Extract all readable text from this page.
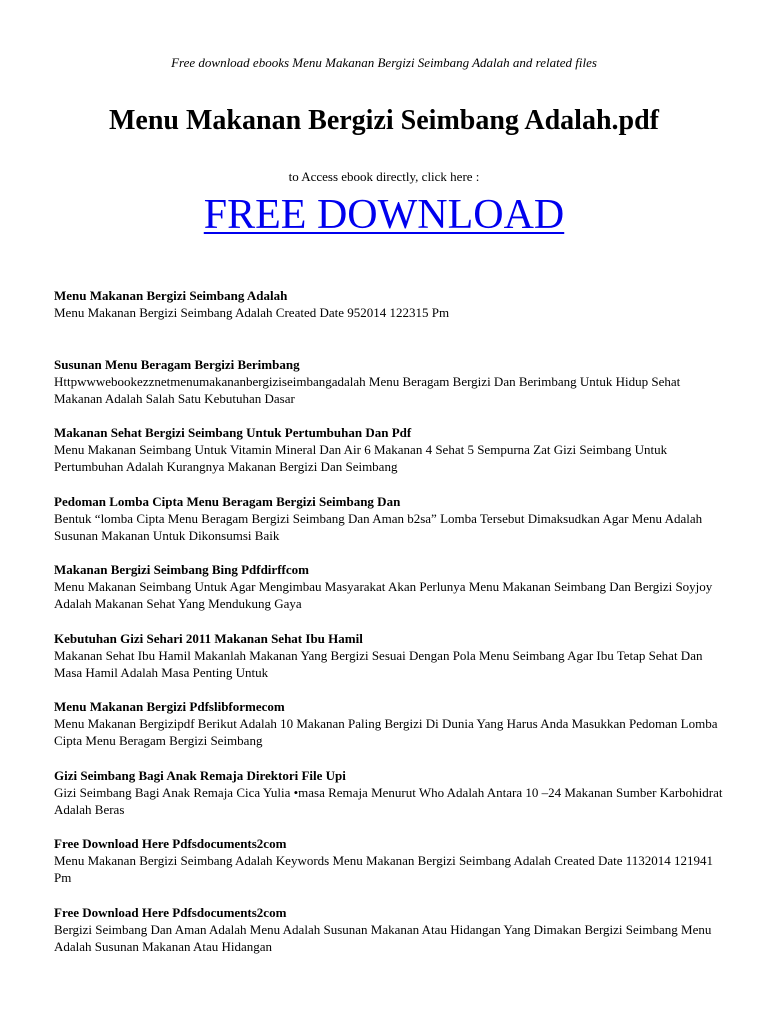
Free download ebooks Menu Makanan Bergizi Seimbang Adalah and related files
Menu Makanan Bergizi Seimbang Adalah.pdf
to Access ebook directly, click here :
FREE DOWNLOAD
Menu Makanan Bergizi Seimbang Adalah
Menu Makanan Bergizi Seimbang Adalah Created Date 952014 122315 Pm
Susunan Menu Beragam Bergizi Berimbang
Httpwwwebookezznetmenumakananbergiziseimbangadalah Menu Beragam Bergizi Dan Berimbang Untuk Hidup Sehat Makanan Adalah Salah Satu Kebutuhan Dasar
Makanan Sehat Bergizi Seimbang Untuk Pertumbuhan Dan Pdf
Menu Makanan Seimbang Untuk Vitamin Mineral Dan Air 6 Makanan 4 Sehat 5 Sempurna Zat Gizi Seimbang Untuk Pertumbuhan Adalah Kurangnya Makanan Bergizi Dan Seimbang
Pedoman Lomba Cipta Menu Beragam Bergizi Seimbang Dan
Bentuk “lomba Cipta Menu Beragam Bergizi Seimbang Dan Aman b2sa” Lomba Tersebut Dimaksudkan Agar Menu Adalah Susunan Makanan Untuk Dikonsumsi Baik
Makanan Bergizi Seimbang Bing Pdfdirffcom
Menu Makanan Seimbang Untuk Agar Mengimbau Masyarakat Akan Perlunya Menu Makanan Seimbang Dan Bergizi Soyjoy Adalah Makanan Sehat Yang Mendukung Gaya
Kebutuhan Gizi Sehari 2011 Makanan Sehat Ibu Hamil
Makanan Sehat Ibu Hamil Makanlah Makanan Yang Bergizi Sesuai Dengan Pola Menu Seimbang Agar Ibu Tetap Sehat Dan Masa Hamil Adalah Masa Penting Untuk
Menu Makanan Bergizi Pdfslibformecom
Menu Makanan Bergizipdf Berikut Adalah 10 Makanan Paling Bergizi Di Dunia Yang Harus Anda Masukkan Pedoman Lomba Cipta Menu Beragam Bergizi Seimbang
Gizi Seimbang Bagi Anak Remaja Direktori File Upi
Gizi Seimbang Bagi Anak Remaja Cica Yulia •masa Remaja Menurut Who Adalah Antara 10 –24 Makanan Sumber Karbohidrat Adalah Beras
Free Download Here Pdfsdocuments2com
Menu Makanan Bergizi Seimbang Adalah Keywords Menu Makanan Bergizi Seimbang Adalah Created Date 1132014 121941 Pm
Free Download Here Pdfsdocuments2com
Bergizi Seimbang Dan Aman Adalah Menu Adalah Susunan Makanan Atau Hidangan Yang Dimakan Bergizi Seimbang Menu Adalah Susunan Makanan Atau Hidangan
